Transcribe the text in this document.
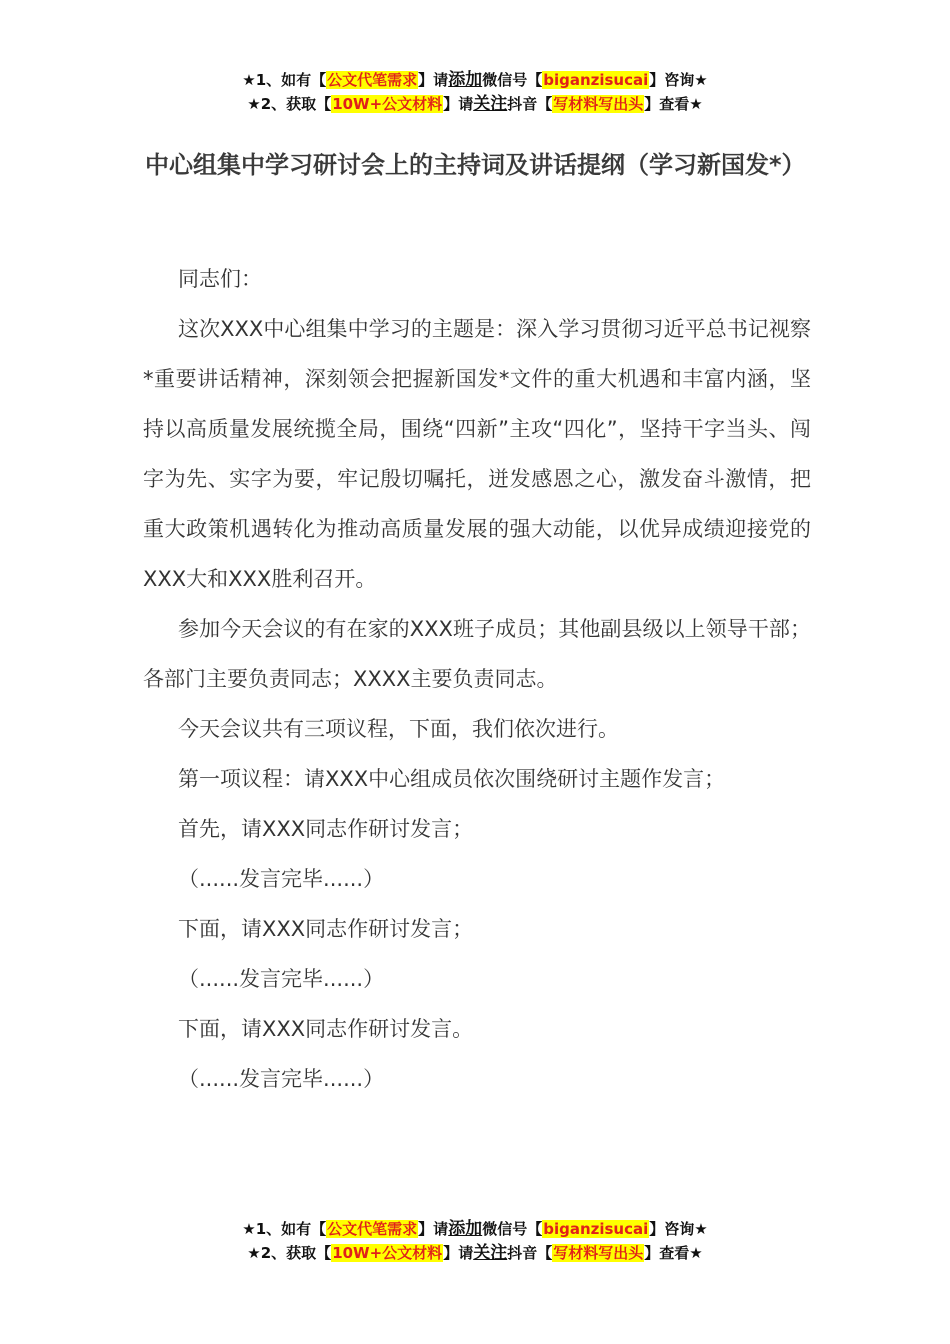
★1、如有【公文代笔需求】请添加微信号【biganzisucai】咨询★
★2、获取【10W+公文材料】请关注抖音【写材料写出头】查看★
中心组集中学习研讨会上的主持词及讲话提纲（学习新国发*）

同志们：

这次XXX中心组集中学习的主题是：深入学习贯彻习近平总书记视察*重要讲话精神，深刻领会把握新国发*文件的重大机遇和丰富内涵，坚持以高质量发展统揽全局，围绕“四新”主攻“四化”，坚持干字当头、闯字为先、实字为要，牢记殷切嘱托，迸发感恩之心，激发奋斗激情，把重大政策机遇转化为推动高质量发展的强大动能，以优异成绩迎接党的XXX大和XXX胜利召开。

参加今天会议的有在家的XXX班子成员；其他副县级以上领导干部；各部门主要负责同志；XXXX主要负责同志。

今天会议共有三项议程，下面，我们依次进行。

第一项议程：请XXX中心组成员依次围绕研讨主题作发言；

首先，请XXX同志作研讨发言；

（......发言完毕......）

下面，请XXX同志作研讨发言；

（......发言完毕......）

下面，请XXX同志作研讨发言。

（......发言完毕......）

★1、如有【公文代笔需求】请添加微信号【biganzisucai】咨询★
★2、获取【10W+公文材料】请关注抖音【写材料写出头】查看★
